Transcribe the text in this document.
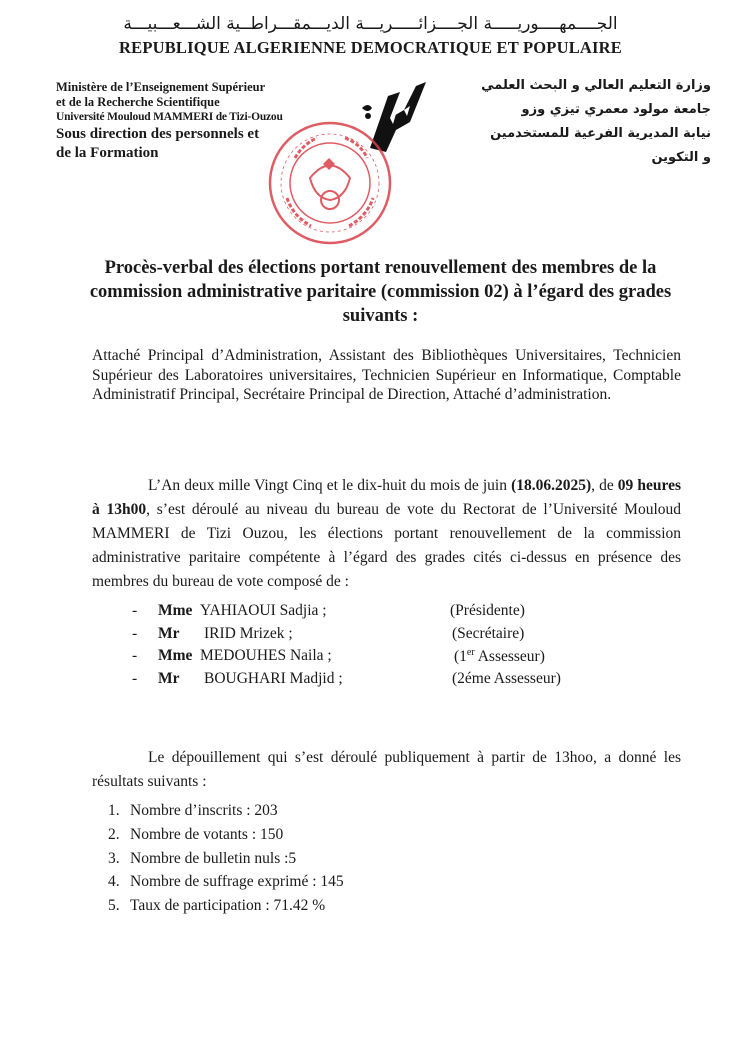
الجــــمهــــوريـــــة الجــــزائـــــريـــة الديـــمقـــراطــية الشـــعـــبيـــة
REPUBLIQUE ALGERIENNE DEMOCRATIQUE ET POPULAIRE
Ministère de l’Enseignement Supérieur
et de la Recherche Scientifique
Université Mouloud MAMMERI de Tizi-Ouzou
Sous direction des personnels et
de la Formation
وزارة التعليم العالي و البحث العلمي
جامعة مولود معمري تيزي وزو
نيابة المديرية الفرعية للمستخدمين
و التكوين
Procès-verbal des élections portant renouvellement des membres de la commission administrative paritaire (commission 02) à l’égard des grades suivants :
Attaché Principal d’Administration, Assistant des Bibliothèques Universitaires, Technicien Supérieur des Laboratoires universitaires, Technicien Supérieur en Informatique, Comptable Administratif Principal, Secrétaire Principal de Direction, Attaché d’administration.
L’An deux mille Vingt Cinq et le dix-huit du mois de juin (18.06.2025), de 09 heures à 13h00, s’est déroulé au niveau du bureau de vote du Rectorat de l’Université Mouloud MAMMERI de Tizi Ouzou, les élections portant renouvellement de la commission administrative paritaire compétente à l’égard des grades cités ci-dessus en présence des membres du bureau de vote composé de :
- Mme YAHIAOUI Sadjia ;	(Présidente)
- Mr IRID Mrizek ;	(Secrétaire)
- Mme MEDOUHES Naila ;	(1er Assesseur)
- Mr BOUGHARI Madjid ;	(2éme Assesseur)
Le dépouillement qui s’est déroulé publiquement à partir de 13hoo, a donné les résultats suivants :
1. Nombre d’inscrits : 203
2. Nombre de votants : 150
3. Nombre de bulletin nuls :5
4. Nombre de suffrage exprimé : 145
5. Taux de participation : 71.42 %
